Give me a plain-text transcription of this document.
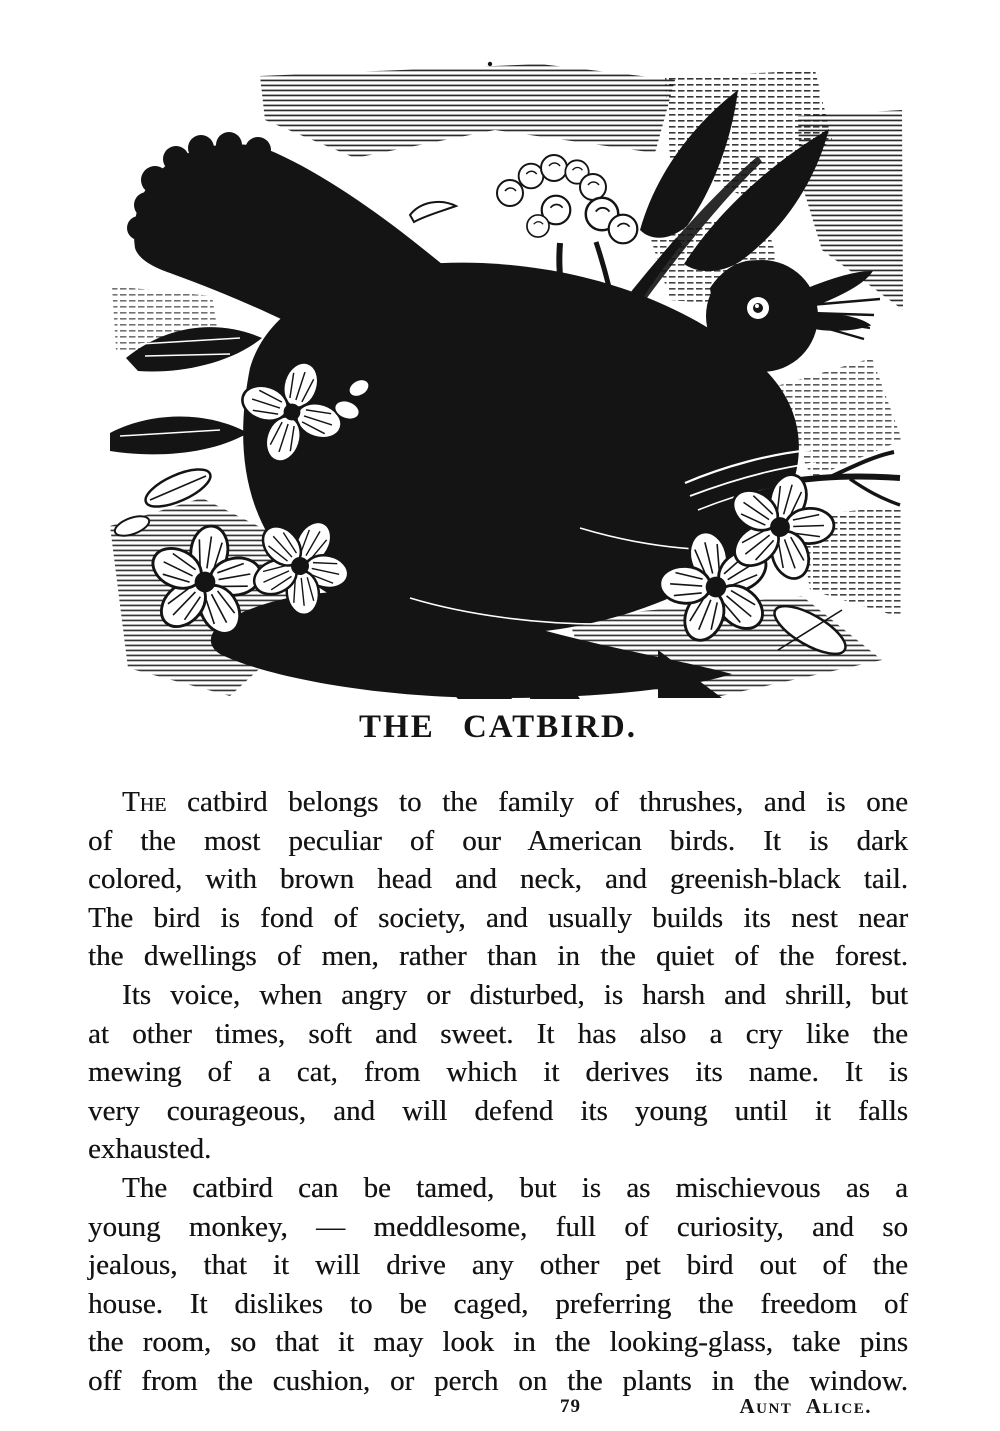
THE CATBIRD.
The catbird belongs to the family of thrushes, and is one
of the most peculiar of our American birds. It is dark
colored, with brown head and neck, and greenish-black tail.
The bird is fond of society, and usually builds its nest near
the dwellings of men, rather than in the quiet of the forest.
Its voice, when angry or disturbed, is harsh and shrill, but
at other times, soft and sweet. It has also a cry like the
mewing of a cat, from which it derives its name. It is
very courageous, and will defend its young until it falls
exhausted.
The catbird can be tamed, but is as mischievous as a
young monkey, — meddlesome, full of curiosity, and so
jealous, that it will drive any other pet bird out of the
house. It dislikes to be caged, preferring the freedom of
the room, so that it may look in the looking-glass, take pins
off from the cushion, or perch on the plants in the window.
79	Aunt Alice.
